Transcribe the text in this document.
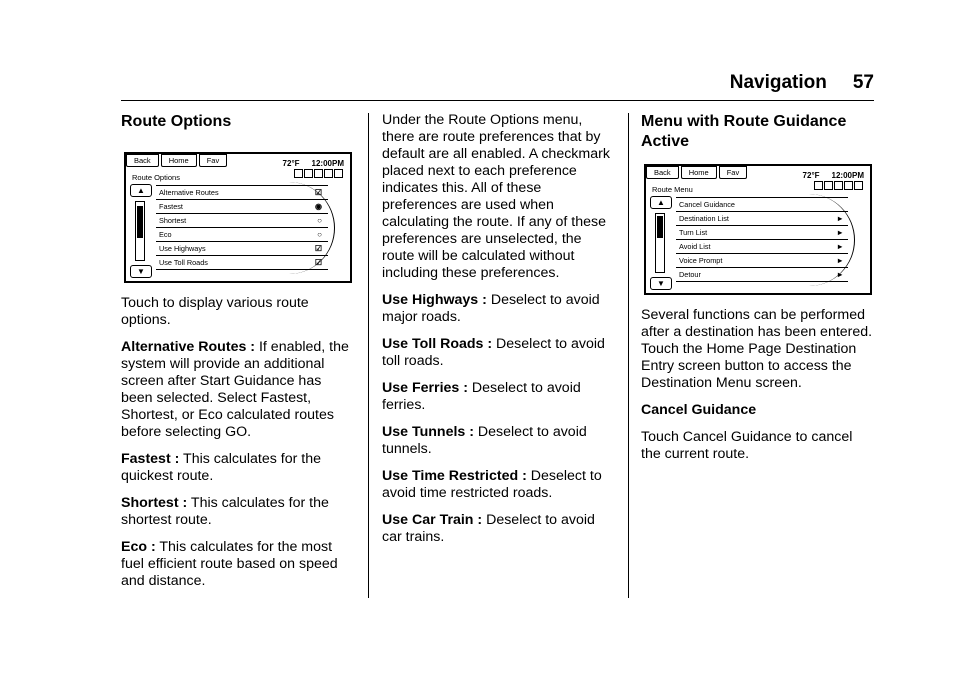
Navigation 57
Route Options
Back	Home	Fav	72°F 12:00PM
Route Options
▲
▼
Alternative Routes	☑
Fastest	◉
Shortest	○
Eco	○
Use Highways	☑
Use Toll Roads	☑

Touch to display various route options.

Alternative Routes : If enabled, the system will provide an additional screen after Start Guidance has been selected. Select Fastest, Shortest, or Eco calculated routes before selecting GO.

Fastest : This calculates for the quickest route.

Shortest : This calculates for the shortest route.

Eco : This calculates for the most fuel efficient route based on speed and distance.

Under the Route Options menu, there are route preferences that by default are all enabled. A checkmark placed next to each preference indicates this. All of these preferences are used when calculating the route. If any of these preferences are unselected, the route will be calculated without including these preferences.

Use Highways : Deselect to avoid major roads.

Use Toll Roads : Deselect to avoid toll roads.

Use Ferries : Deselect to avoid ferries.

Use Tunnels : Deselect to avoid tunnels.

Use Time Restricted : Deselect to avoid time restricted roads.

Use Car Train : Deselect to avoid car trains.

Menu with Route Guidance Active
Back	Home	Fav	72°F 12:00PM
Route Menu
▲
▼
Cancel Guidance
Destination List	▸
Turn List	▸
Avoid List	▸
Voice Prompt	▸
Detour	▸

Several functions can be performed after a destination has been entered. Touch the Home Page Destination Entry screen button to access the Destination Menu screen.

Cancel Guidance

Touch Cancel Guidance to cancel the current route.
